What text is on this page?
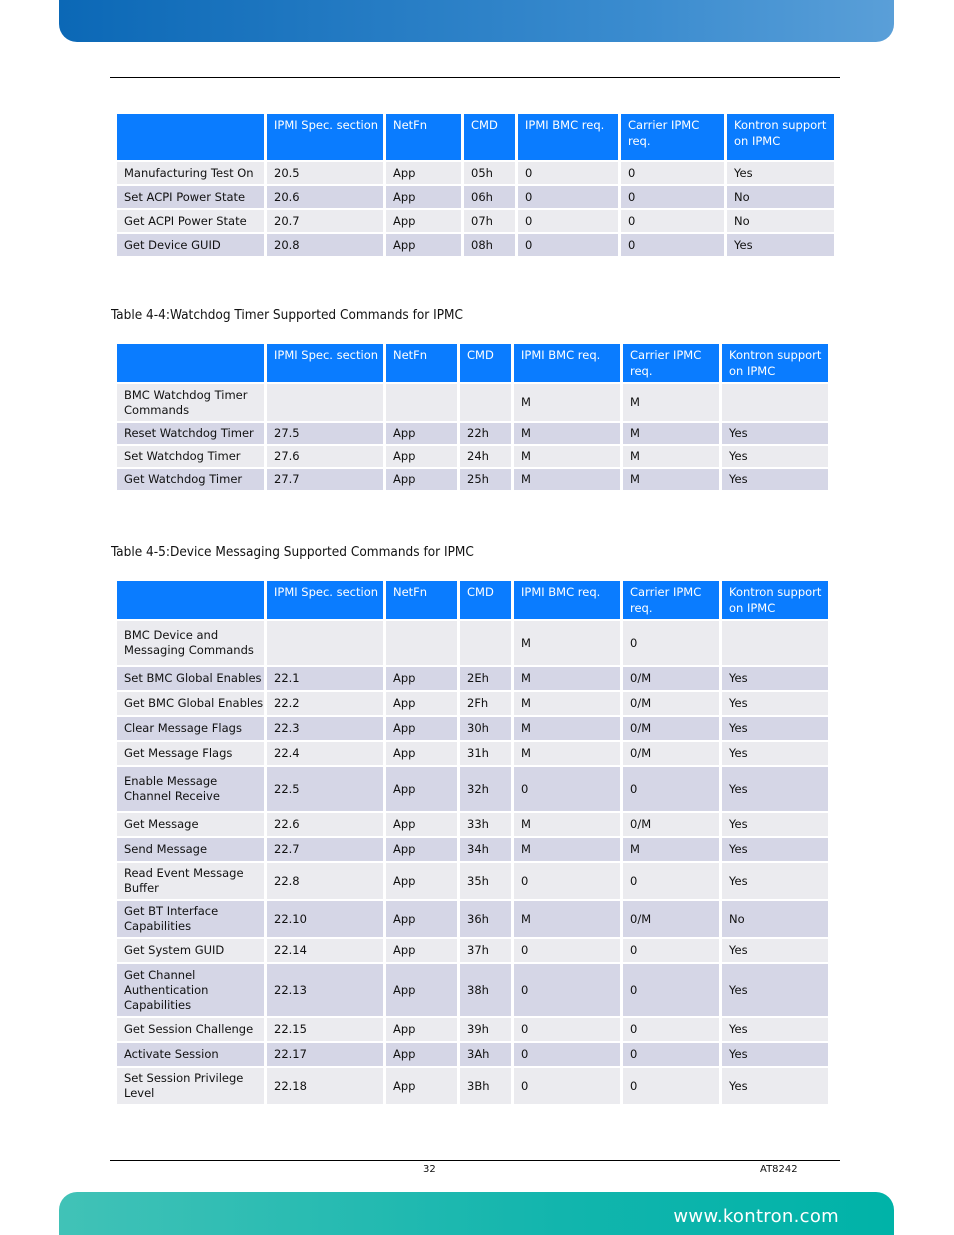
	IPMI Spec. section	NetFn	CMD	IPMI BMC req.	Carrier IPMC req.	Kontron support on IPMC
Manufacturing Test On	20.5	App	05h	0	0	Yes
Set ACPI Power State	20.6	App	06h	0	0	No
Get ACPI Power State	20.7	App	07h	0	0	No
Get Device GUID	20.8	App	08h	0	0	Yes
Table 4-4:Watchdog Timer Supported Commands for IPMC
	IPMI Spec. section	NetFn	CMD	IPMI BMC req.	Carrier IPMC req.	Kontron support on IPMC
BMC Watchdog Timer Commands				M	M	
Reset Watchdog Timer	27.5	App	22h	M	M	Yes
Set Watchdog Timer	27.6	App	24h	M	M	Yes
Get Watchdog Timer	27.7	App	25h	M	M	Yes
Table 4-5:Device Messaging Supported Commands for IPMC
	IPMI Spec. section	NetFn	CMD	IPMI BMC req.	Carrier IPMC req.	Kontron support on IPMC
BMC Device and Messaging Commands				M	0	
Set BMC Global Enables	22.1	App	2Eh	M	0/M	Yes
Get BMC Global Enables	22.2	App	2Fh	M	0/M	Yes
Clear Message Flags	22.3	App	30h	M	0/M	Yes
Get Message Flags	22.4	App	31h	M	0/M	Yes
Enable Message Channel Receive	22.5	App	32h	0	0	Yes
Get Message	22.6	App	33h	M	0/M	Yes
Send Message	22.7	App	34h	M	M	Yes
Read Event Message Buffer	22.8	App	35h	0	0	Yes
Get BT Interface Capabilities	22.10	App	36h	M	0/M	No
Get System GUID	22.14	App	37h	0	0	Yes
Get Channel Authentication Capabilities	22.13	App	38h	0	0	Yes
Get Session Challenge	22.15	App	39h	0	0	Yes
Activate Session	22.17	App	3Ah	0	0	Yes
Set Session Privilege Level	22.18	App	3Bh	0	0	Yes
32	AT8242
www.kontron.com
